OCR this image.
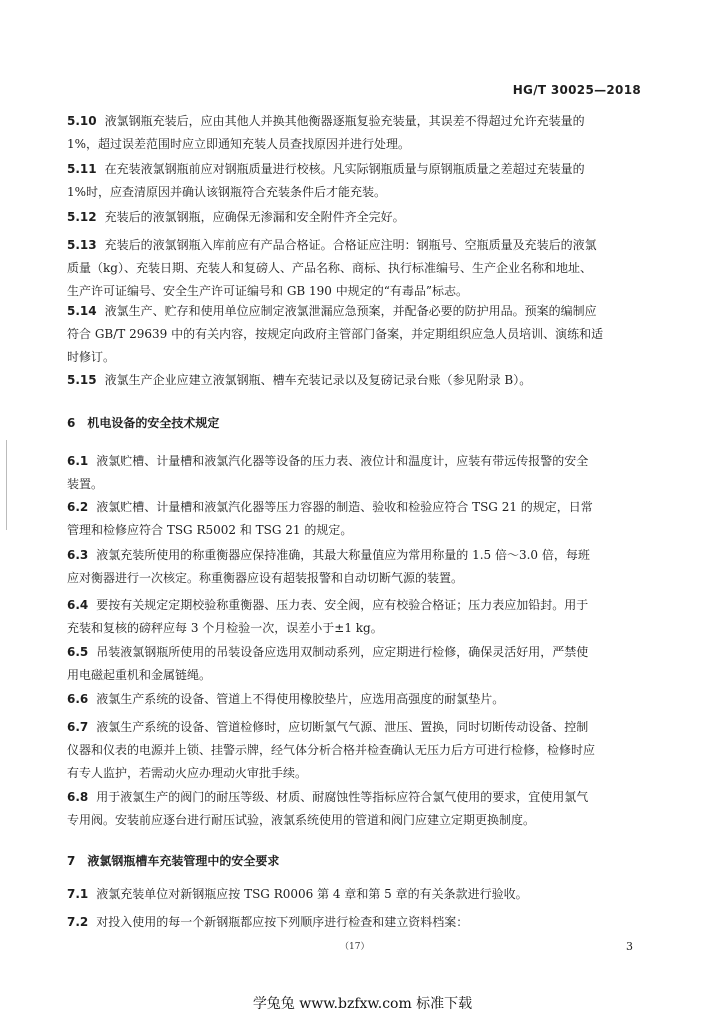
HG/T 30025—2018
5.10 液氯钢瓶充装后，应由其他人并换其他衡器逐瓶复验充装量，其误差不得超过允许充装量的
1%，超过误差范围时应立即通知充装人员查找原因并进行处理。
5.11 在充装液氯钢瓶前应对钢瓶质量进行校核。凡实际钢瓶质量与原钢瓶质量之差超过充装量的
1%时，应查清原因并确认该钢瓶符合充装条件后才能充装。
5.12 充装后的液氯钢瓶，应确保无渗漏和安全附件齐全完好。
5.13 充装后的液氯钢瓶入库前应有产品合格证。合格证应注明：钢瓶号、空瓶质量及充装后的液氯
质量（kg）、充装日期、充装人和复磅人、产品名称、商标、执行标准编号、生产企业名称和地址、
生产许可证编号、安全生产许可证编号和 GB 190 中规定的“有毒品”标志。
5.14 液氯生产、贮存和使用单位应制定液氯泄漏应急预案，并配备必要的防护用品。预案的编制应
符合 GB/T 29639 中的有关内容，按规定向政府主管部门备案，并定期组织应急人员培训、演练和适
时修订。
5.15 液氯生产企业应建立液氯钢瓶、槽车充装记录以及复磅记录台账（参见附录 B）。
6 机电设备的安全技术规定
6.1 液氯贮槽、计量槽和液氯汽化器等设备的压力表、液位计和温度计，应装有带远传报警的安全
装置。
6.2 液氯贮槽、计量槽和液氯汽化器等压力容器的制造、验收和检验应符合 TSG 21 的规定，日常
管理和检修应符合 TSG R5002 和 TSG 21 的规定。
6.3 液氯充装所使用的称重衡器应保持准确，其最大称量值应为常用称量的 1.5 倍～3.0 倍，每班
应对衡器进行一次核定。称重衡器应设有超装报警和自动切断气源的装置。
6.4 要按有关规定定期校验称重衡器、压力表、安全阀，应有校验合格证；压力表应加铅封。用于
充装和复核的磅秤应每 3 个月检验一次，误差小于±1 kg。
6.5 吊装液氯钢瓶所使用的吊装设备应选用双制动系列，应定期进行检修，确保灵活好用，严禁使
用电磁起重机和金属链绳。
6.6 液氯生产系统的设备、管道上不得使用橡胶垫片，应选用高强度的耐氯垫片。
6.7 液氯生产系统的设备、管道检修时，应切断氯气气源、泄压、置换，同时切断传动设备、控制
仪器和仪表的电源并上锁、挂警示牌，经气体分析合格并检查确认无压力后方可进行检修，检修时应
有专人监护，若需动火应办理动火审批手续。
6.8 用于液氯生产的阀门的耐压等级、材质、耐腐蚀性等指标应符合氯气使用的要求，宜使用氯气
专用阀。安装前应逐台进行耐压试验，液氯系统使用的管道和阀门应建立定期更换制度。
7 液氯钢瓶槽车充装管理中的安全要求
7.1 液氯充装单位对新钢瓶应按 TSG R0006 第 4 章和第 5 章的有关条款进行验收。
7.2 对投入使用的每一个新钢瓶都应按下列顺序进行检查和建立资料档案：
（17）	3
学兔兔 www.bzfxw.com 标准下载
